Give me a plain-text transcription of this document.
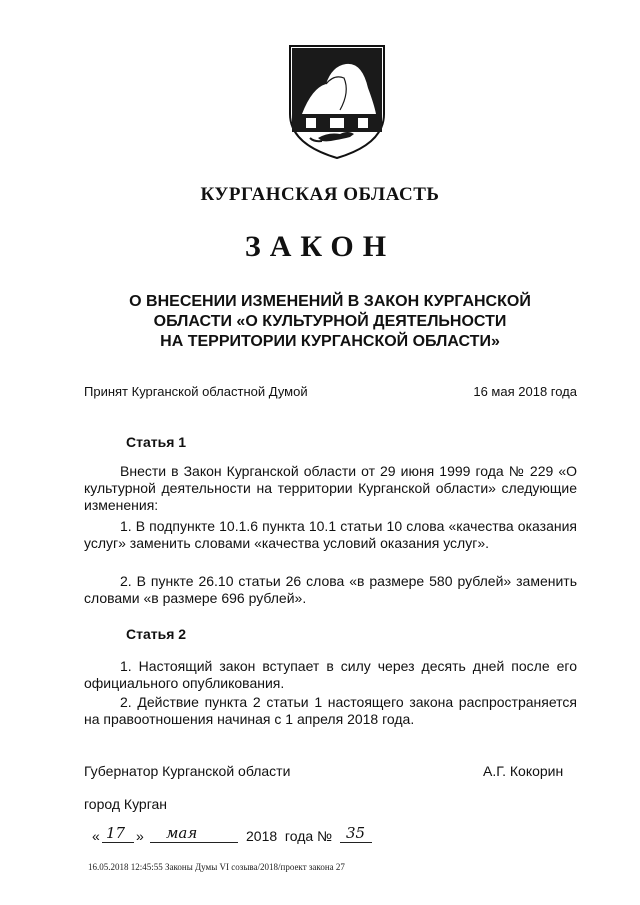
КУРГАНСКАЯ ОБЛАСТЬ
ЗАКОН
О ВНЕСЕНИИ ИЗМЕНЕНИЙ В ЗАКОН КУРГАНСКОЙ
ОБЛАСТИ «О КУЛЬТУРНОЙ ДЕЯТЕЛЬНОСТИ
НА ТЕРРИТОРИИ КУРГАНСКОЙ ОБЛАСТИ»
Принят Курганской областной Думой	16 мая 2018 года
Статья 1
Внести в Закон Курганской области от 29 июня 1999 года № 229 «О культурной деятельности на территории Курганской области» следующие изменения:
1. В подпункте 10.1.6 пункта 10.1 статьи 10 слова «качества оказания услуг» заменить словами «качества условий оказания услуг».
2. В пункте 26.10 статьи 26 слова «в размере 580 рублей» заменить словами «в размере 696 рублей».
Статья 2
1. Настоящий закон вступает в силу через десять дней после его официального опубликования.
2. Действие пункта 2 статьи 1 настоящего закона распространяется на правоотношения начиная с 1 апреля 2018 года.
Губернатор Курганской области	А.Г. Кокорин
город Курган
« 17 » мая	2018  года № 35
16.05.2018 12:45:55 Законы Думы VI созыва/2018/проект закона 27
